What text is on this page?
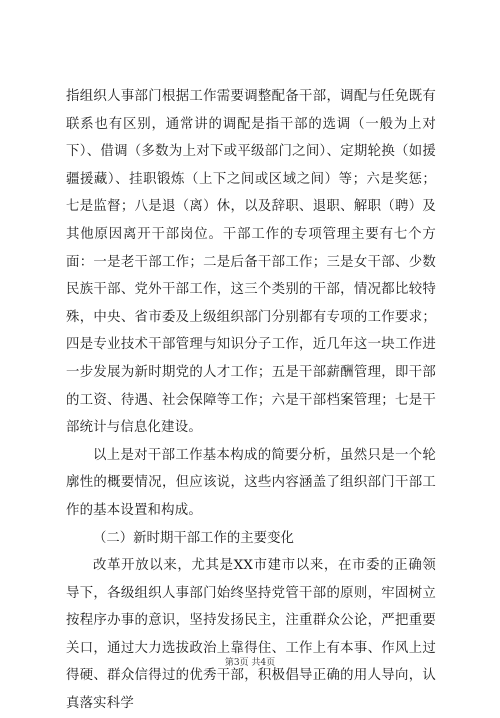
指组织人事部门根据工作需要调整配备干部，调配与任免既有联系也有区别，通常讲的调配是指干部的选调（一般为上对下）、借调（多数为上对下或平级部门之间）、定期轮换（如援疆援藏）、挂职锻炼（上下之间或区域之间）等；六是奖惩；七是监督；八是退（离）休，以及辞职、退职、解职（聘）及其他原因离开干部岗位。干部工作的专项管理主要有七个方面：一是老干部工作；二是后备干部工作；三是女干部、少数民族干部、党外干部工作，这三个类别的干部，情况都比较特殊，中央、省市委及上级组织部门分别都有专项的工作要求；四是专业技术干部管理与知识分子工作，近几年这一块工作进一步发展为新时期党的人才工作；五是干部薪酬管理，即干部的工资、待遇、社会保障等工作；六是干部档案管理；七是干部统计与信息化建设。

以上是对干部工作基本构成的简要分析，虽然只是一个轮廓性的概要情况，但应该说，这些内容涵盖了组织部门干部工作的基本设置和构成。

（二）新时期干部工作的主要变化

改革开放以来，尤其是XX市建市以来，在市委的正确领导下，各级组织人事部门始终坚持党管干部的原则，牢固树立按程序办事的意识，坚持发扬民主，注重群众公论，严把重要关口，通过大力选拔政治上靠得住、工作上有本事、作风上过得硬、群众信得过的优秀干部，积极倡导正确的用人导向，认真落实科学

第3页 共4页
